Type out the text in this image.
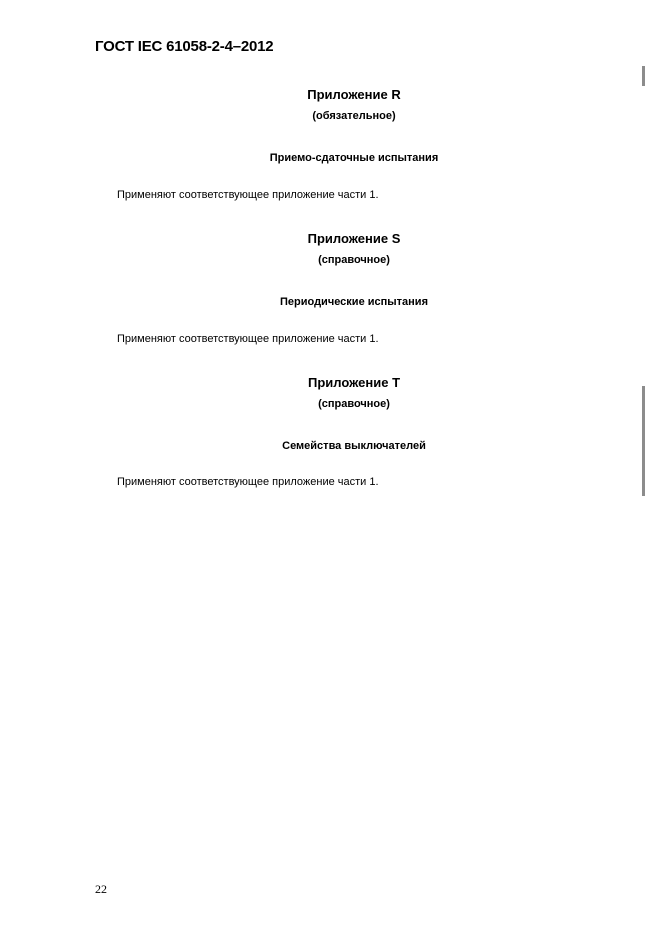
ГОСТ IEC 61058-2-4–2012
Приложение R
(обязательное)
Приемо-сдаточные испытания
Применяют соответствующее приложение части 1.
Приложение S
(справочное)
Периодические испытания
Применяют соответствующее приложение части 1.
Приложение T
(справочное)
Семейства выключателей
Применяют соответствующее приложение части 1.
22
